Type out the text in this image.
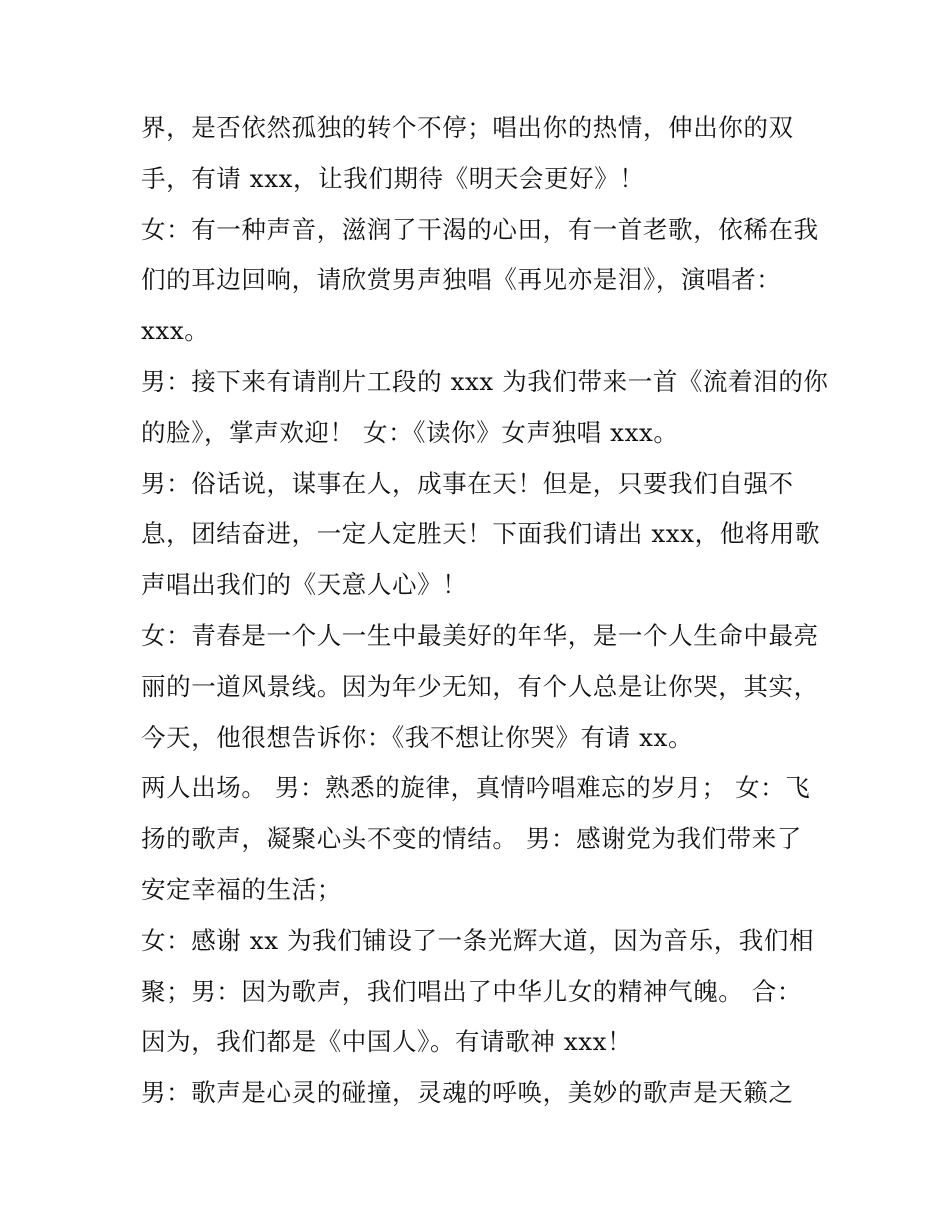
界，是否依然孤独的转个不停；唱出你的热情，伸出你的双
手，有请 xxx，让我们期待《明天会更好》！
女：有一种声音，滋润了干渴的心田，有一首老歌，依稀在我
们的耳边回响，请欣赏男声独唱《再见亦是泪》，演唱者：
xxx。
男：接下来有请削片工段的 xxx 为我们带来一首《流着泪的你
的脸》，掌声欢迎！ 女：《读你》女声独唱 xxx。
男：俗话说，谋事在人，成事在天！但是，只要我们自强不
息，团结奋进，一定人定胜天！下面我们请出 xxx，他将用歌
声唱出我们的《天意人心》！
女：青春是一个人一生中最美好的年华，是一个人生命中最亮
丽的一道风景线。因为年少无知，有个人总是让你哭，其实，
今天，他很想告诉你：《我不想让你哭》有请 xx。
两人出场。 男：熟悉的旋律，真情吟唱难忘的岁月； 女：飞
扬的歌声，凝聚心头不变的情结。 男：感谢党为我们带来了
安定幸福的生活；
女：感谢 xx 为我们铺设了一条光辉大道，因为音乐，我们相
聚；男：因为歌声，我们唱出了中华儿女的精神气魄。 合：
因为，我们都是《中国人》。有请歌神 xxx！
男：歌声是心灵的碰撞，灵魂的呼唤，美妙的歌声是天籁之
